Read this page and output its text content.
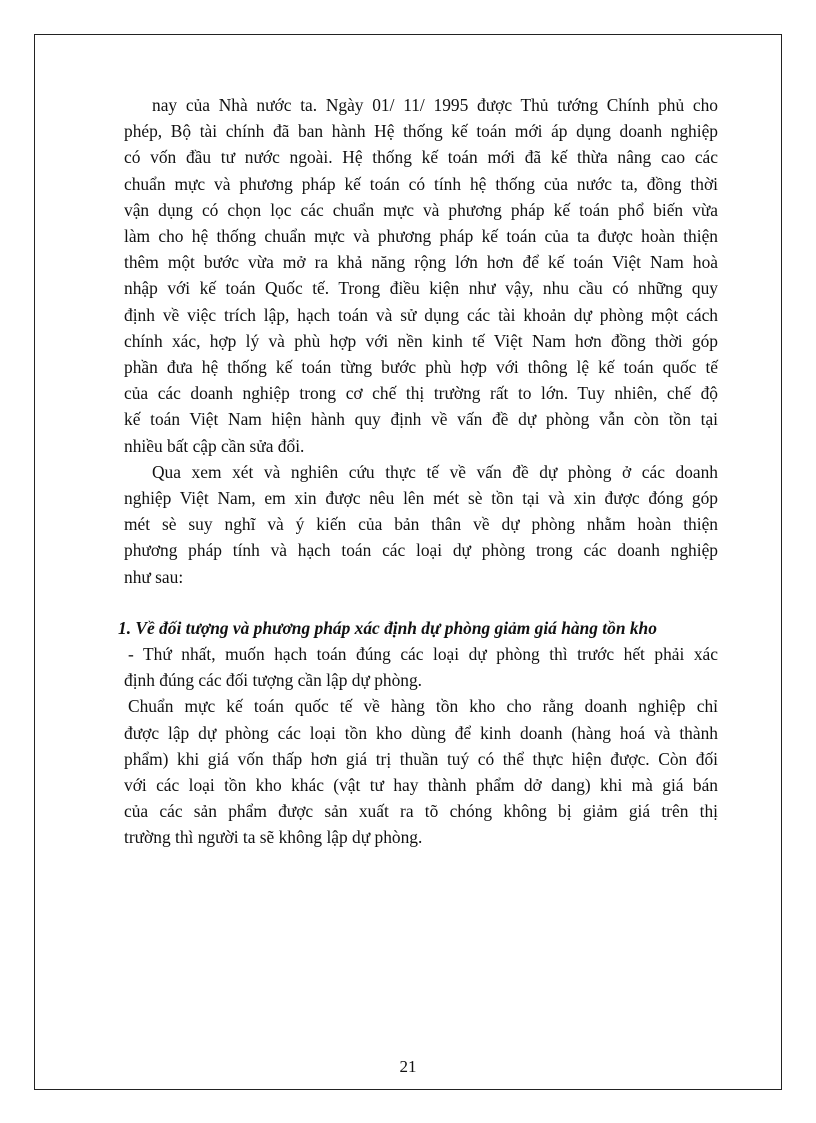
nay của Nhà nước ta. Ngày 01/ 11/ 1995 được Thủ tướng Chính phủ cho
phép, Bộ tài chính đã ban hành Hệ thống kế toán mới áp dụng doanh nghiệp
có vốn đầu tư nước ngoài. Hệ thống kế toán mới đã kế thừa nâng cao các
chuẩn mực và phương pháp kế toán có tính hệ thống của nước ta, đồng thời
vận dụng có chọn lọc các chuẩn mực và phương pháp kế toán phổ biến vừa
làm cho hệ thống chuẩn mực và phương pháp kế toán của ta được hoàn thiện
thêm một bước vừa mở ra khả năng rộng lớn hơn để kế toán Việt Nam hoà
nhập với kế toán Quốc tế. Trong điều kiện như vậy, nhu cầu có những quy
định về việc trích lập, hạch toán và sử dụng các tài khoản dự phòng một cách
chính xác, hợp lý và phù hợp với nền kinh tế Việt Nam hơn đồng thời góp
phần đưa hệ thống kế toán từng bước phù hợp với thông lệ kế toán quốc tế
của các doanh nghiệp trong cơ chế thị trường rất to lớn. Tuy nhiên, chế độ
kế toán Việt Nam hiện hành quy định về vấn đề dự phòng vẫn còn tồn tại
nhiều bất cập cần sửa đổi.
Qua xem xét và nghiên cứu thực tế về vấn đề dự phòng ở các doanh
nghiệp Việt Nam, em xin được nêu lên mét sè tồn tại và xin được đóng góp
mét sè suy nghĩ và ý kiến của bản thân về dự phòng nhằm hoàn thiện
phương pháp tính và hạch toán các loại dự phòng trong các doanh nghiệp
như sau:
1. Về đối tượng và phương pháp xác định dự phòng giảm giá hàng tồn kho
- Thứ nhất, muốn hạch toán đúng các loại dự phòng thì trước hết phải xác
định đúng các đối tượng cần lập dự phòng.
Chuẩn mực kế toán quốc tế về hàng tồn kho cho rằng doanh nghiệp chỉ
được lập dự phòng các loại tồn kho dùng để kinh doanh (hàng hoá và thành
phẩm) khi giá vốn thấp hơn giá trị thuần tuý có thể thực hiện được. Còn đối
với các loại tồn kho khác (vật tư hay thành phẩm dở dang) khi mà giá bán
của các sản phẩm được sản xuất ra tõ chóng không bị giảm giá trên thị
trường thì người ta sẽ không lập dự phòng.
21
